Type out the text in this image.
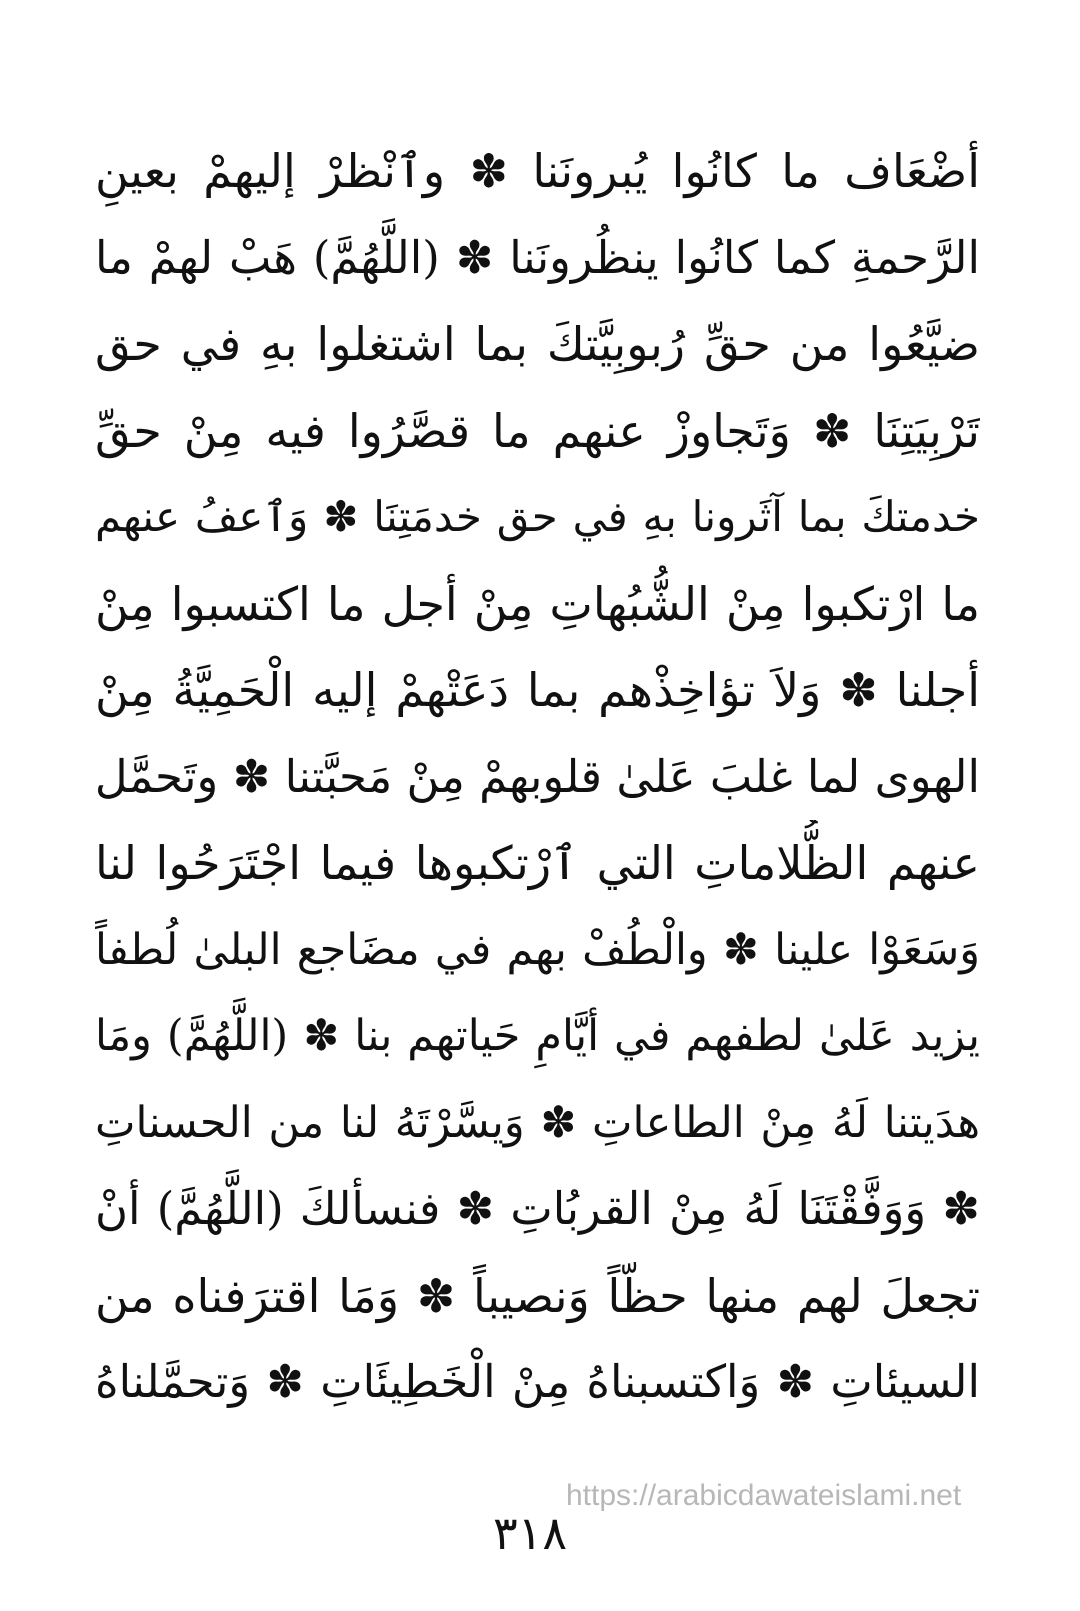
أضْعَاف ما كانُوا يُبرونَنا ✽ وٱنْظرْ إليهمْ بعينِ
الرَّحمةِ كما كانُوا ينظُرونَنا ✽ (اللَّهُمَّ) هَبْ لهمْ ما
ضيَّعُوا من حقِّ رُبوبِيَّتكَ بما اشتغلوا بهِ في حق
تَرْبِيَتِنَا ✽ وَتَجاوزْ عنهم ما قصَّرُوا فيه مِنْ حقِّ
خدمتكَ بما آثَرونا بهِ في حق خدمَتِنَا ✽ وَٱعفُ عنهم
ما ارْتكبوا مِنْ الشُّبُهاتِ مِنْ أجل ما اكتسبوا مِنْ
أجلنا ✽ وَلاَ تؤاخِذْهم بما دَعَتْهمْ إليه الْحَمِيَّةُ مِنْ
الهوى لما غلبَ عَلىٰ قلوبهمْ مِنْ مَحبَّتنا ✽ وتَحمَّل
عنهم الظُّلاماتِ التي ٱرْتكبوها فيما اجْتَرَحُوا لنا
وَسَعَوْا علينا ✽ والْطُفْ بهم في مضَاجع البلىٰ لُطفاً
يزيد عَلىٰ لطفهم في أيَّامِ حَياتهم بنا ✽ (اللَّهُمَّ) ومَا
هدَيتنا لَهُ مِنْ الطاعاتِ ✽ وَيسَّرْتَهُ لنا من الحسناتِ
✽ وَوَفَّقْتَنَا لَهُ مِنْ القربُاتِ ✽ فنسألكَ (اللَّهُمَّ) أنْ
تجعلَ لهم منها حظّاً وَنصيباً ✽ وَمَا اقترَفناه من
السيئاتِ ✽ وَاكتسبناهُ مِنْ الْخَطِيئَاتِ ✽ وَتحمَّلناهُ
٣١٨
https://arabicdawateislami.net
